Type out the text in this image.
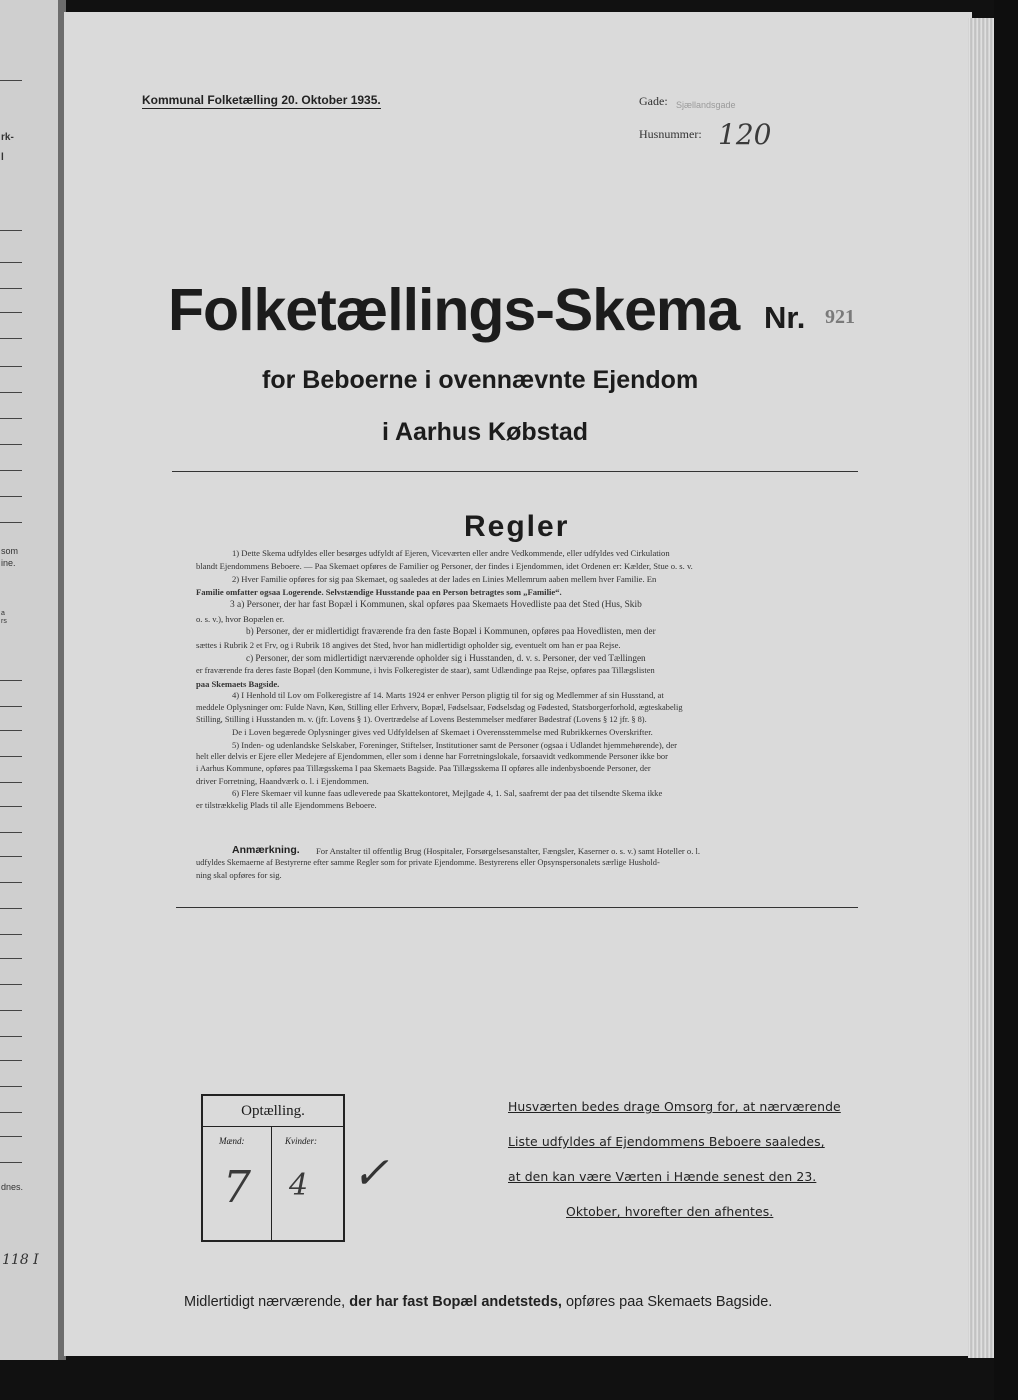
rk-
l
som
ine.
a
rs
dnes.
118 I
Kommunal Folketælling 20. Oktober 1935.	Gade: Sjællandsgade
Husnummer: 120
Folketællings-Skema Nr. 921
for Beboerne i ovennævnte Ejendom
i Aarhus Købstad
Regler
1) Dette Skema udfyldes eller besørges udfyldt af Ejeren, Viceværten eller andre Vedkommende, eller udfyldes ved Cirkulation
blandt Ejendommens Beboere. — Paa Skemaet opføres de Familier og Personer, der findes i Ejendommen, idet Ordenen er: Kælder, Stue o. s. v.
2) Hver Familie opføres for sig paa Skemaet, og saaledes at der lades en Linies Mellemrum aaben mellem hver Familie. En
Familie omfatter ogsaa Logerende. Selvstændige Husstande paa en Person betragtes som „Familie“.
3 a) Personer, der har fast Bopæl i Kommunen, skal opføres paa Skemaets Hovedliste paa det Sted (Hus, Skib
o. s. v.), hvor Bopælen er.
b) Personer, der er midlertidigt fraværende fra den faste Bopæl i Kommunen, opføres paa Hovedlisten, men der
sættes i Rubrik 2 et Frv, og i Rubrik 18 angives det Sted, hvor han midlertidigt opholder sig, eventuelt om han er paa Rejse.
c) Personer, der som midlertidigt nærværende opholder sig i Husstanden, d. v. s. Personer, der ved Tællingen
er fraværende fra deres faste Bopæl (den Kommune, i hvis Folkeregister de staar), samt Udlændinge paa Rejse, opføres paa Tillægslisten
paa Skemaets Bagside.
4) I Henhold til Lov om Folkeregistre af 14. Marts 1924 er enhver Person pligtig til for sig og Medlemmer af sin Husstand, at
meddele Oplysninger om: Fulde Navn, Køn, Stilling eller Erhverv, Bopæl, Fødselsaar, Fødselsdag og Fødested, Statsborgerforhold, ægteskabelig
Stilling, Stilling i Husstanden m. v. (jfr. Lovens § 1). Overtrædelse af Lovens Bestemmelser medfører Bødestraf (Lovens § 12 jfr. § 8).
De i Loven begærede Oplysninger gives ved Udfyldelsen af Skemaet i Overensstemmelse med Rubrikkernes Overskrifter.
5) Inden- og udenlandske Selskaber, Foreninger, Stiftelser, Institutioner samt de Personer (ogsaa i Udlandet hjemmehørende), der
helt eller delvis er Ejere eller Medejere af Ejendommen, eller som i denne har Forretningslokale, forsaavidt vedkommende Personer ikke bor
i Aarhus Kommune, opføres paa Tillægsskema I paa Skemaets Bagside. Paa Tillægsskema II opføres alle indenbysboende Personer, der
driver Forretning, Haandværk o. l. i Ejendommen.
6) Flere Skemaer vil kunne faas udleverede paa Skattekontoret, Mejlgade 4, 1. Sal, saafremt der paa det tilsendte Skema ikke
er tilstrækkelig Plads til alle Ejendommens Beboere.
Anmærkning. For Anstalter til offentlig Brug (Hospitaler, Forsørgelsesanstalter, Fængsler, Kaserner o. s. v.) samt Hoteller o. l.
udfyldes Skemaerne af Bestyrerne efter samme Regler som for private Ejendomme. Bestyrerens eller Opsynspersonalets særlige Hushold-
ning skal opføres for sig.
Optælling.
Mænd:	Kvinder:
7 4 ✓
Husværten bedes drage Omsorg for, at nærværende
Liste udfyldes af Ejendommens Beboere saaledes,
at den kan være Værten i Hænde senest den 23.
Oktober, hvorefter den afhentes.
Midlertidigt nærværende, der har fast Bopæl andetsteds, opføres paa Skemaets Bagside.
